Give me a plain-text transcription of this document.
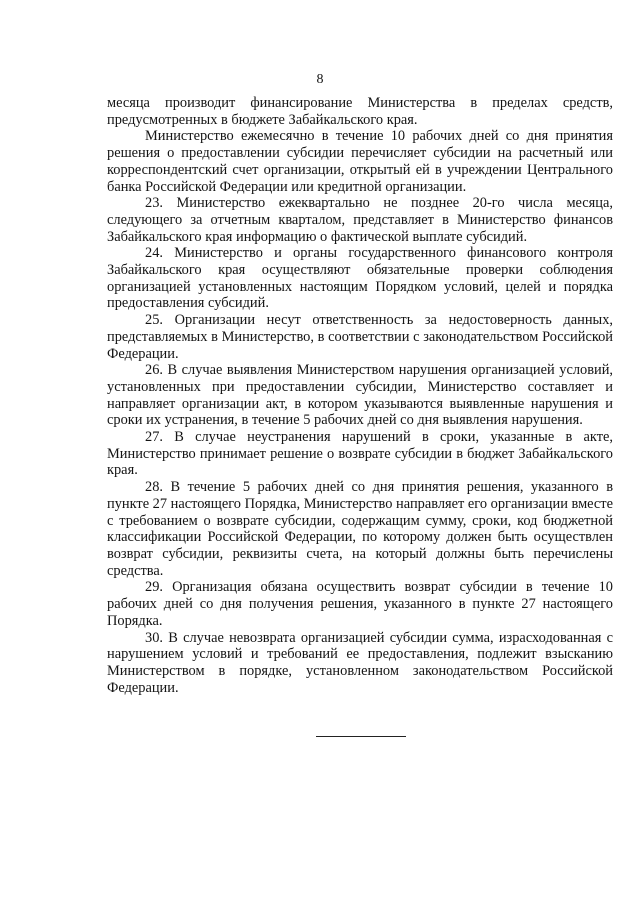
8

месяца производит финансирование Министерства в пределах средств, предусмотренных в бюджете Забайкальского края.

Министерство ежемесячно в течение 10 рабочих дней со дня принятия решения о предоставлении субсидии перечисляет субсидии на расчетный или корреспондентский счет организации, открытый ей в учреждении Центрального банка Российской Федерации или кредитной организации.

23. Министерство ежеквартально не позднее 20-го числа месяца, следующего за отчетным кварталом, представляет в Министерство финансов Забайкальского края информацию о фактической выплате субсидий.

24. Министерство и органы государственного финансового контроля Забайкальского края осуществляют обязательные проверки соблюдения организацией установленных настоящим Порядком условий, целей и порядка предоставления субсидий.

25. Организации несут ответственность за недостоверность данных, представляемых в Министерство, в соответствии с законодательством Российской Федерации.

26. В случае выявления Министерством нарушения организацией условий, установленных при предоставлении субсидии, Министерство составляет и направляет организации акт, в котором указываются выявленные нарушения и сроки их устранения, в течение 5 рабочих дней со дня выявления нарушения.

27. В случае неустранения нарушений в сроки, указанные в акте, Министерство принимает решение о возврате субсидии в бюджет Забайкальского края.

28. В течение 5 рабочих дней со дня принятия решения, указанного в пункте 27 настоящего Порядка, Министерство направляет его организации вместе с требованием о возврате субсидии, содержащим сумму, сроки, код бюджетной классификации Российской Федерации, по которому должен быть осуществлен возврат субсидии, реквизиты счета, на который должны быть перечислены средства.

29. Организация обязана осуществить возврат субсидии в течение 10 рабочих дней со дня получения решения, указанного в пункте 27 настоящего Порядка.

30. В случае невозврата организацией субсидии сумма, израсходованная с нарушением условий и требований ее предоставления, подлежит взысканию Министерством в порядке, установленном законодательством Российской Федерации.
